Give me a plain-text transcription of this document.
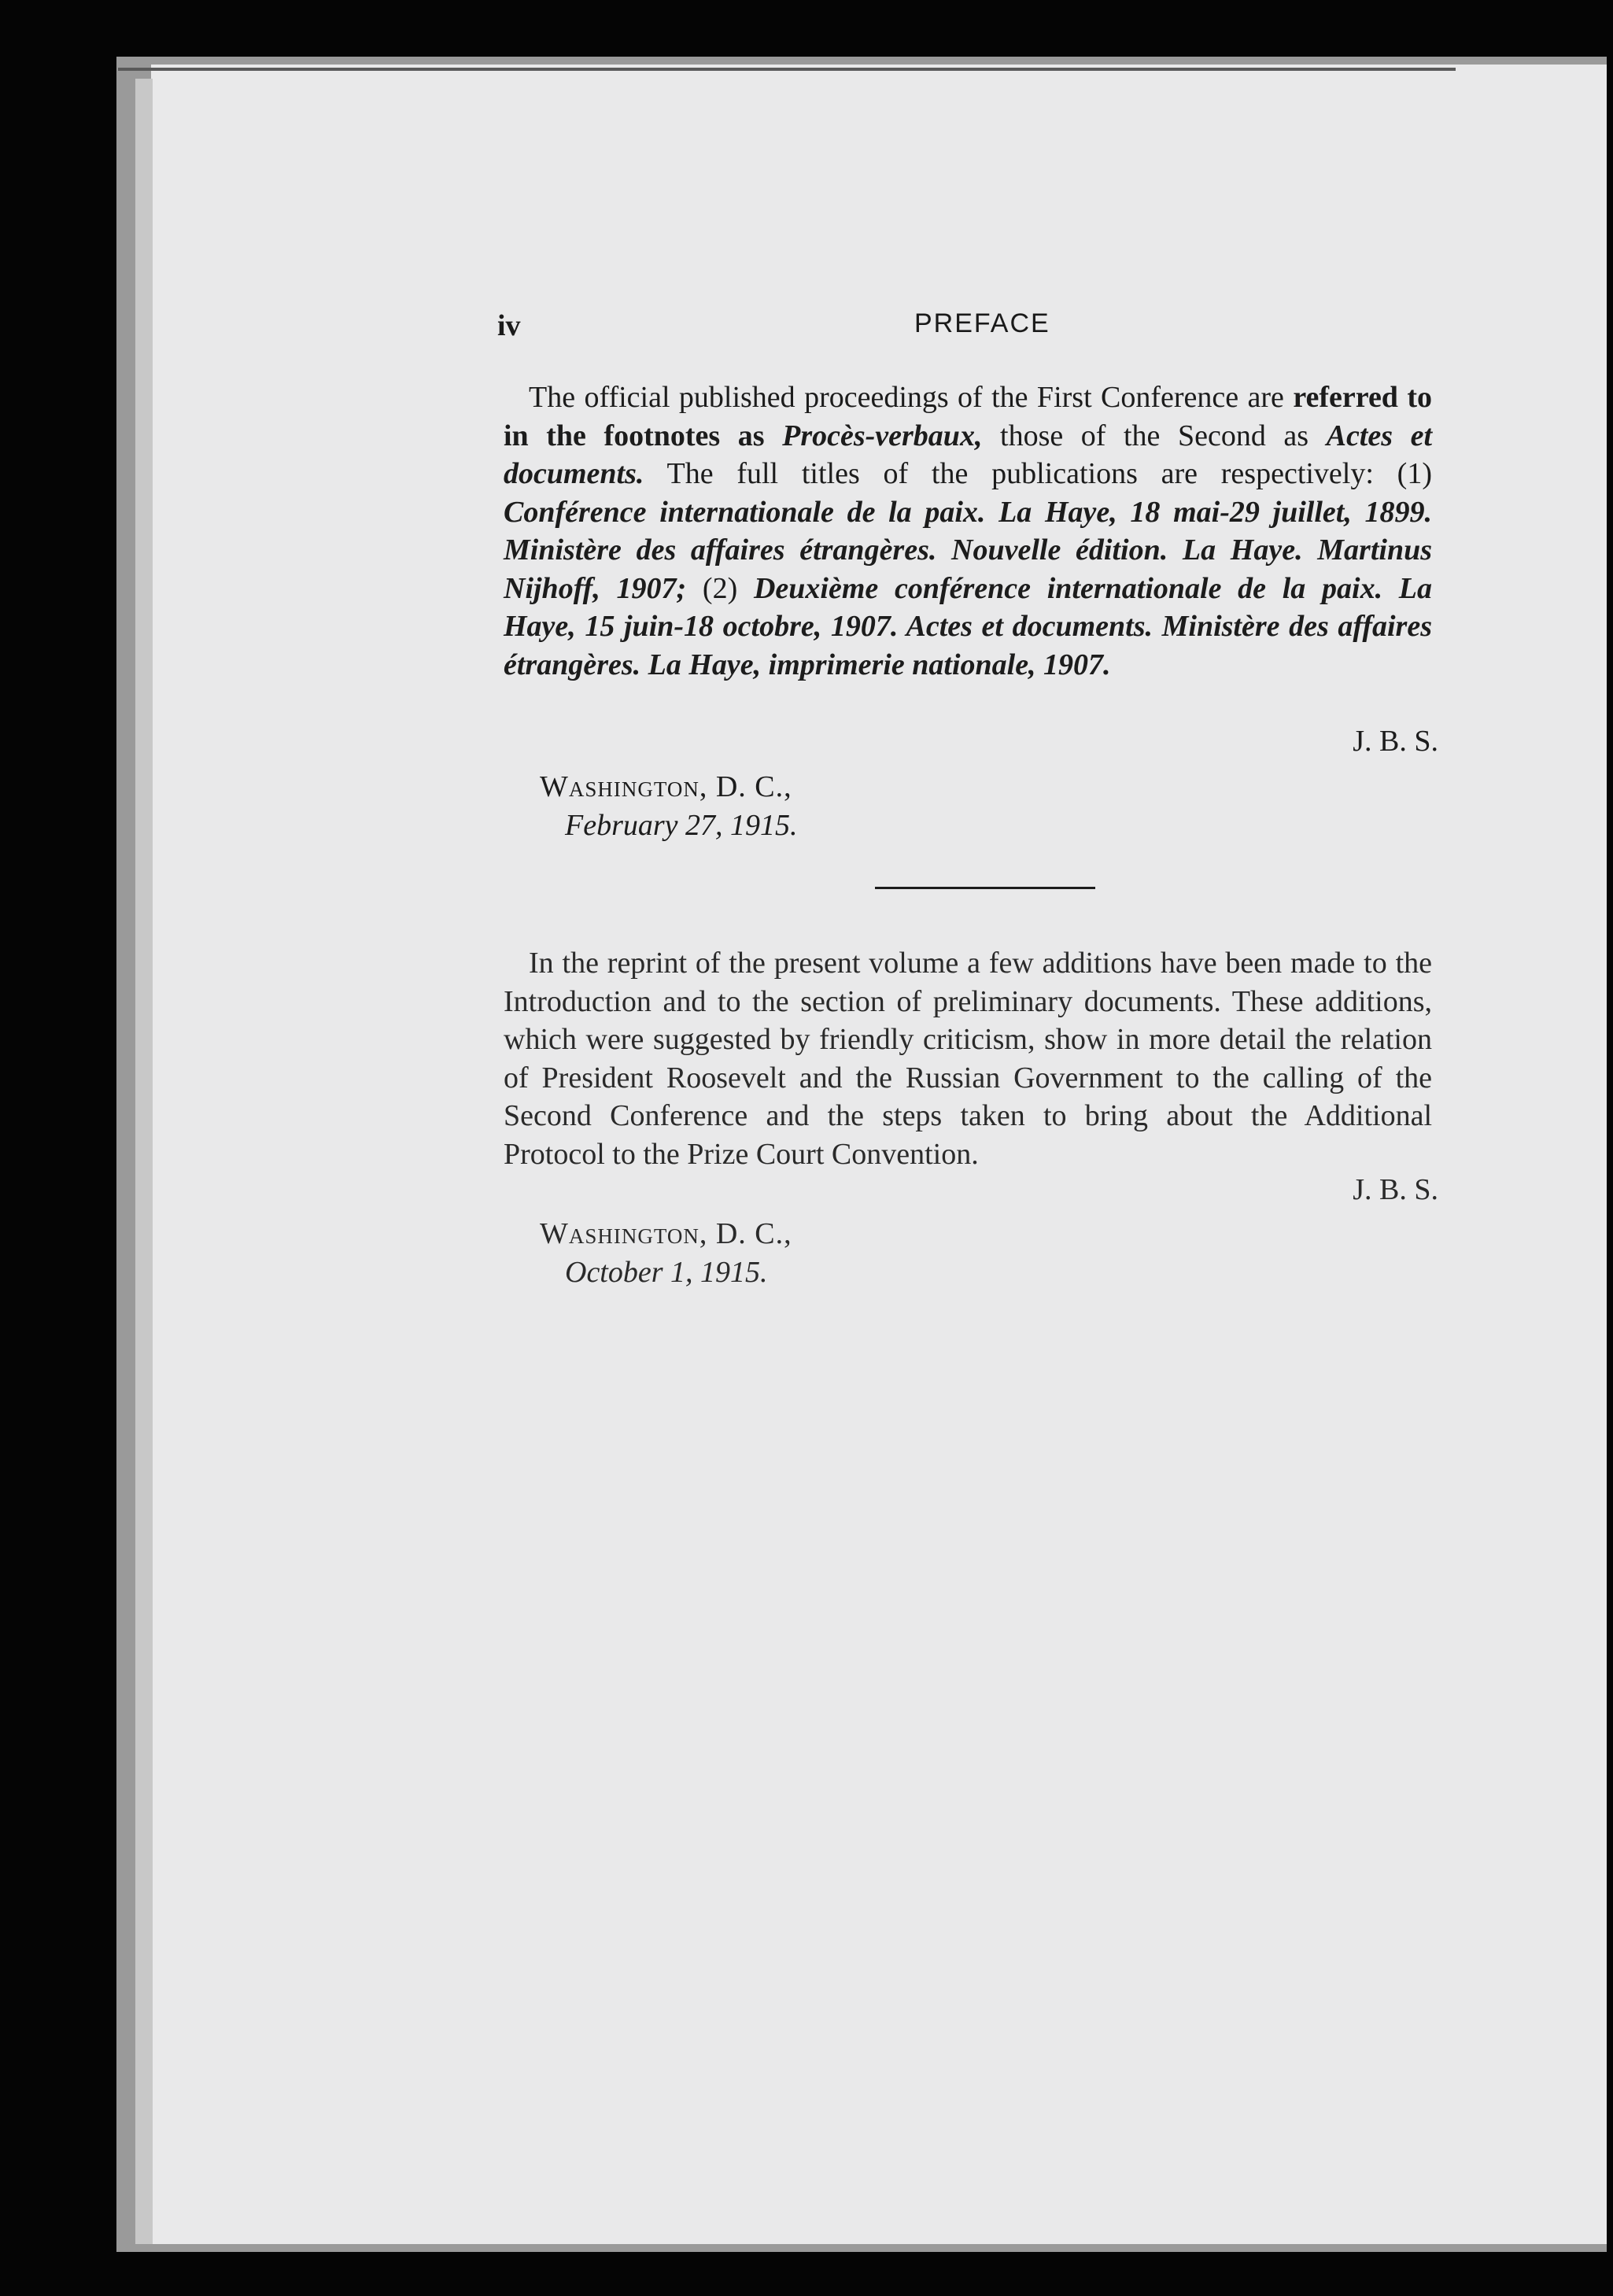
iv	PREFACE
The official published proceedings of the First Conference are referred to in the footnotes as Procès-verbaux, those of the Second as Actes et documents. The full titles of the publications are respectively: (1) Conférence internationale de la paix. La Haye, 18 mai-29 juillet, 1899. Ministère des affaires étrangères. Nouvelle édition. La Haye. Martinus Nijhoff, 1907; (2) Deuxième conférence internationale de la paix. La Haye, 15 juin-18 octobre, 1907. Actes et documents. Ministère des affaires étrangères. La Haye, imprimerie nationale, 1907.
J. B. S.
Washington, D. C.,
February 27, 1915.
In the reprint of the present volume a few additions have been made to the Introduction and to the section of preliminary documents. These additions, which were suggested by friendly criticism, show in more detail the relation of President Roosevelt and the Russian Government to the calling of the Second Conference and the steps taken to bring about the Additional Protocol to the Prize Court Convention.
J. B. S.
Washington, D. C.,
October 1, 1915.
